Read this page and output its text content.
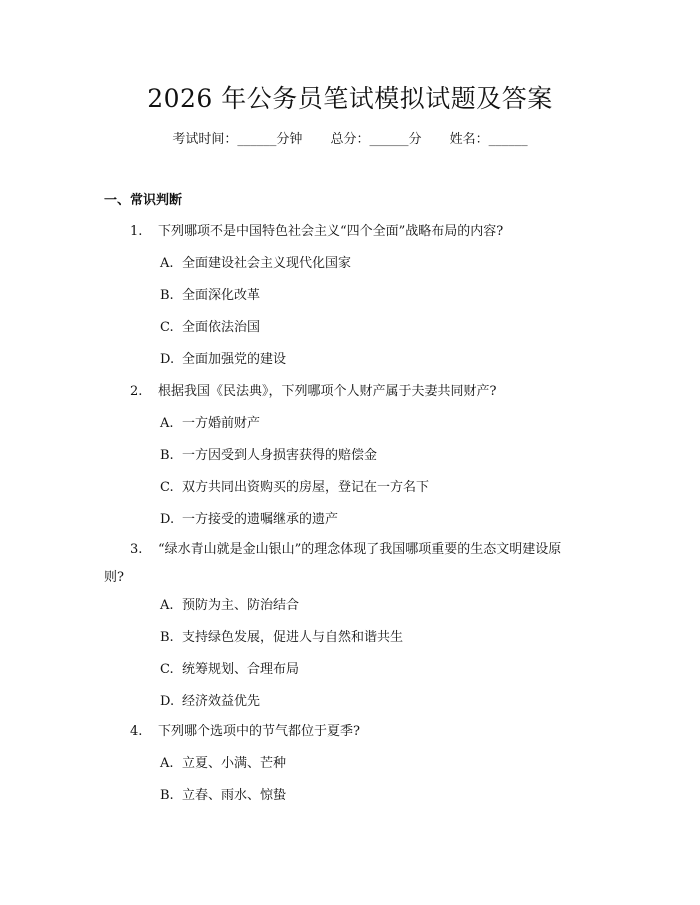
2026 年公务员笔试模拟试题及答案
考试时间：______分钟 总分：______分 姓名：______
一、常识判断
1. 下列哪项不是中国特色社会主义“四个全面”战略布局的内容?
A. 全面建设社会主义现代化国家
B. 全面深化改革
C. 全面依法治国
D. 全面加强党的建设
2. 根据我国《民法典》，下列哪项个人财产属于夫妻共同财产?
A. 一方婚前财产
B. 一方因受到人身损害获得的赔偿金
C. 双方共同出资购买的房屋，登记在一方名下
D. 一方接受的遗嘱继承的遗产
3. “绿水青山就是金山银山”的理念体现了我国哪项重要的生态文明建设原则?
A. 预防为主、防治结合
B. 支持绿色发展，促进人与自然和谐共生
C. 统筹规划、合理布局
D. 经济效益优先
4. 下列哪个选项中的节气都位于夏季?
A. 立夏、小满、芒种
B. 立春、雨水、惊蛰
